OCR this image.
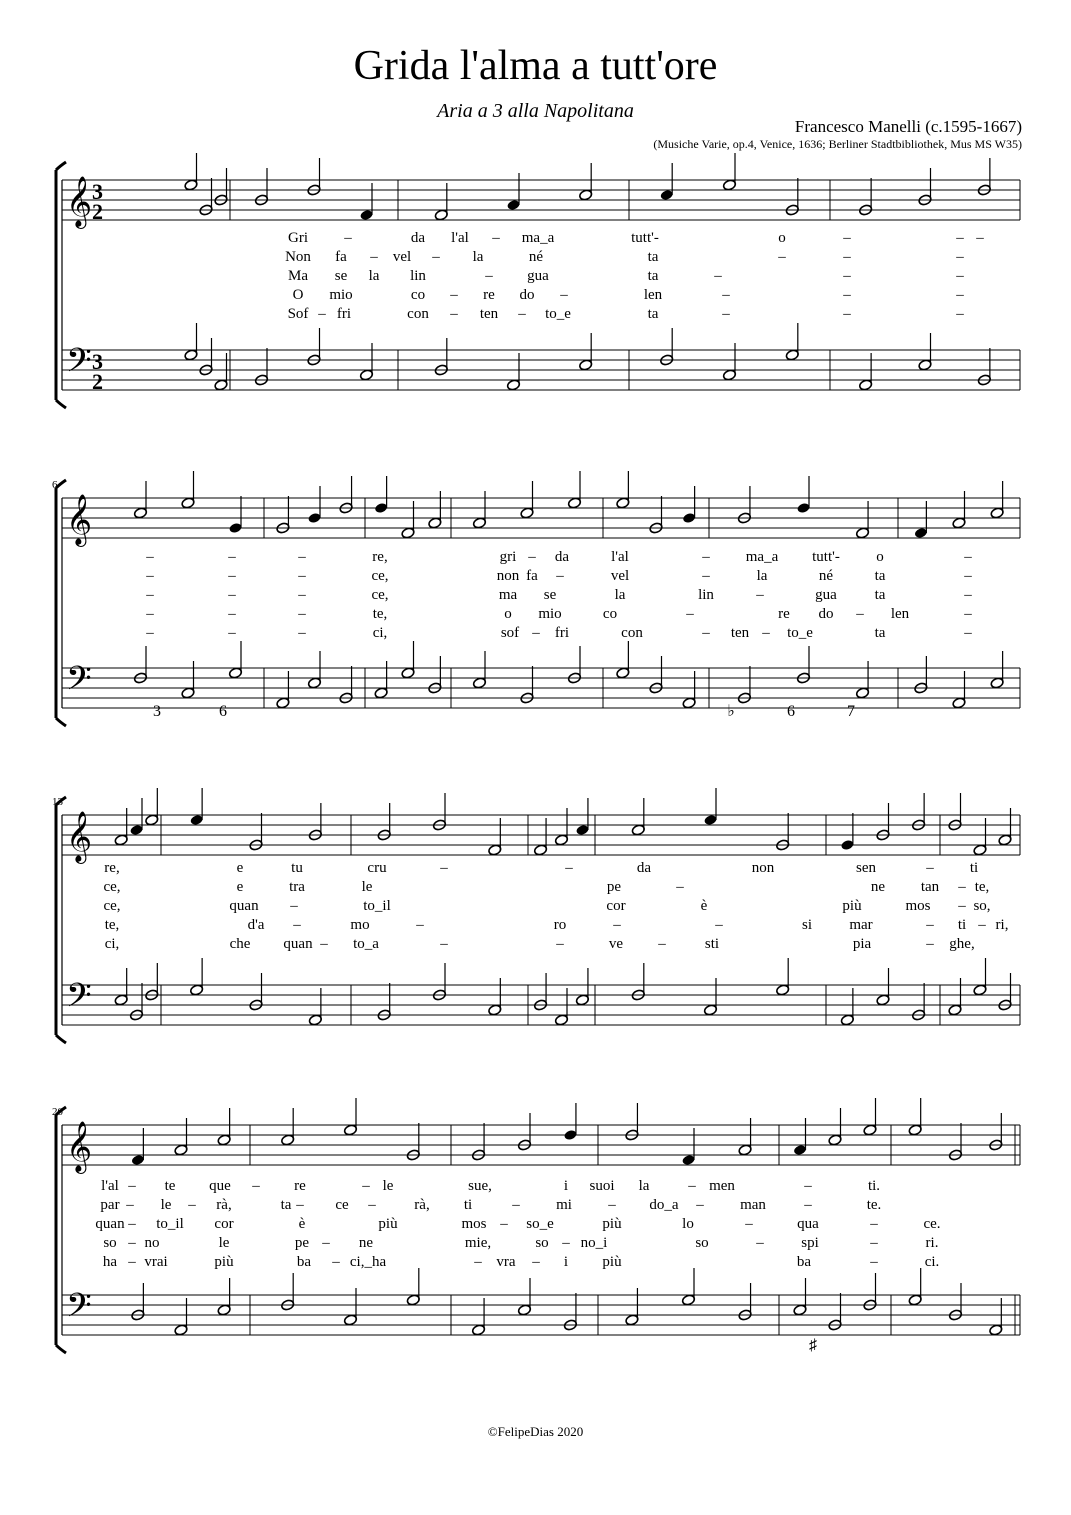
Grida l'alma a tutt'ore
Aria a 3 alla Napolitana
Francesco Manelli (c.1595-1667)
(Musiche Varie, op.4, Venice, 1636; Berliner Stadtbibliothek, Mus MS W35)
𝄞
𝄢
3
2
3
2
Gri –	da l'al – ma_a	tutt'-	o	–	– –
Non fa – vel – la	né	ta	–	–	–
Ma se la lin	– gua	ta	–	–	–
O mio	co – re do –	len	–	–	–
Sof – fri	con – ten – to_e	ta	–	–	–
𝄞
𝄢
6
–	–	–	re,	gri – da	l'al	– ma_a tutt'- o	–
–	–	–	ce,	non fa –	vel	–	la	né	ta	–
–	–	–	ce,	ma se	la	lin	–	gua	ta	–
–	–	–	te,	o mio	co	–	re do – len	–
–	–	–	ci,	sof – fri	con	– ten – to_e	ta	–
3	6	♭	6	7
𝄞
𝄢
13
re,	e	tu	cru	–	–	da	non	sen	– ti
ce,	e	tra	le	pe	–	ne tan – te,
ce,	quan –	to_il	cor	è	più	mos – so,
te,	d'a –	mo	–	ro	–	–	si mar	– ti – ri,
ci,	che quan – to_a	–	–	ve –	sti	pia	– ghe,
𝄞
𝄢
20
l'al – te que – re	– le	sue,	i suoi la	– men	–	ti.
par – le – rà,	ta – ce –	rà, ti	– mi – do_a – man	–	te.
quan – to_il cor	è	più	mos – so_e	più	lo	–	qua	–	ce.
so – no	le	pe – ne	mie,	so – no_i	so	– spi	–	ri.
ha – vrai	più	ba – ci,_ha	– vra – i più	ba	–	ci.
♯
©FelipeDias 2020
